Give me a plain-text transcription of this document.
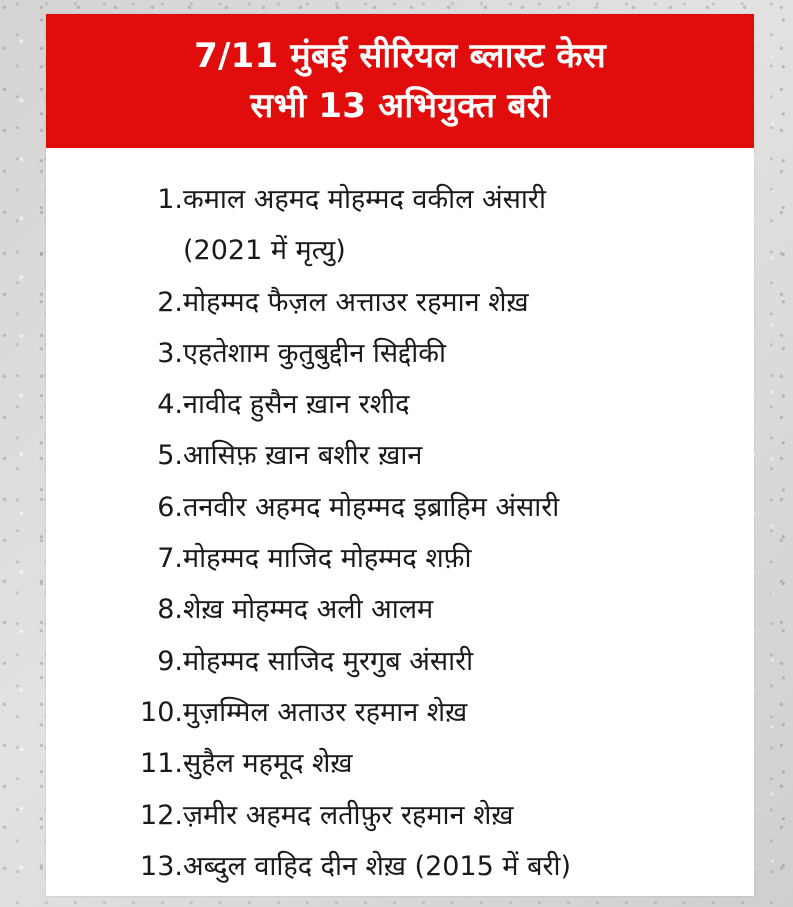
7/11 मुंबई सीरियल ब्लास्ट केस
सभी 13 अभियुक्त बरी
1. कमाल अहमद मोहम्मद वकील अंसारी
(2021 में मृत्यु)
2. मोहम्मद फैज़ल अत्ताउर रहमान शेख़
3. एहतेशाम कुतुबुद्दीन सिद्दीकी
4. नावीद हुसैन ख़ान रशीद
5. आसिफ़ ख़ान बशीर ख़ान
6. तनवीर अहमद मोहम्मद इब्राहिम अंसारी
7. मोहम्मद माजिद मोहम्मद शफ़ी
8. शेख़ मोहम्मद अली आलम
9. मोहम्मद साजिद मुरगुब अंसारी
10. मुज़म्मिल अताउर रहमान शेख़
11. सुहैल महमूद शेख़
12. ज़मीर अहमद लतीफ़ुर रहमान शेख़
13. अब्दुल वाहिद दीन शेख़ (2015 में बरी)
